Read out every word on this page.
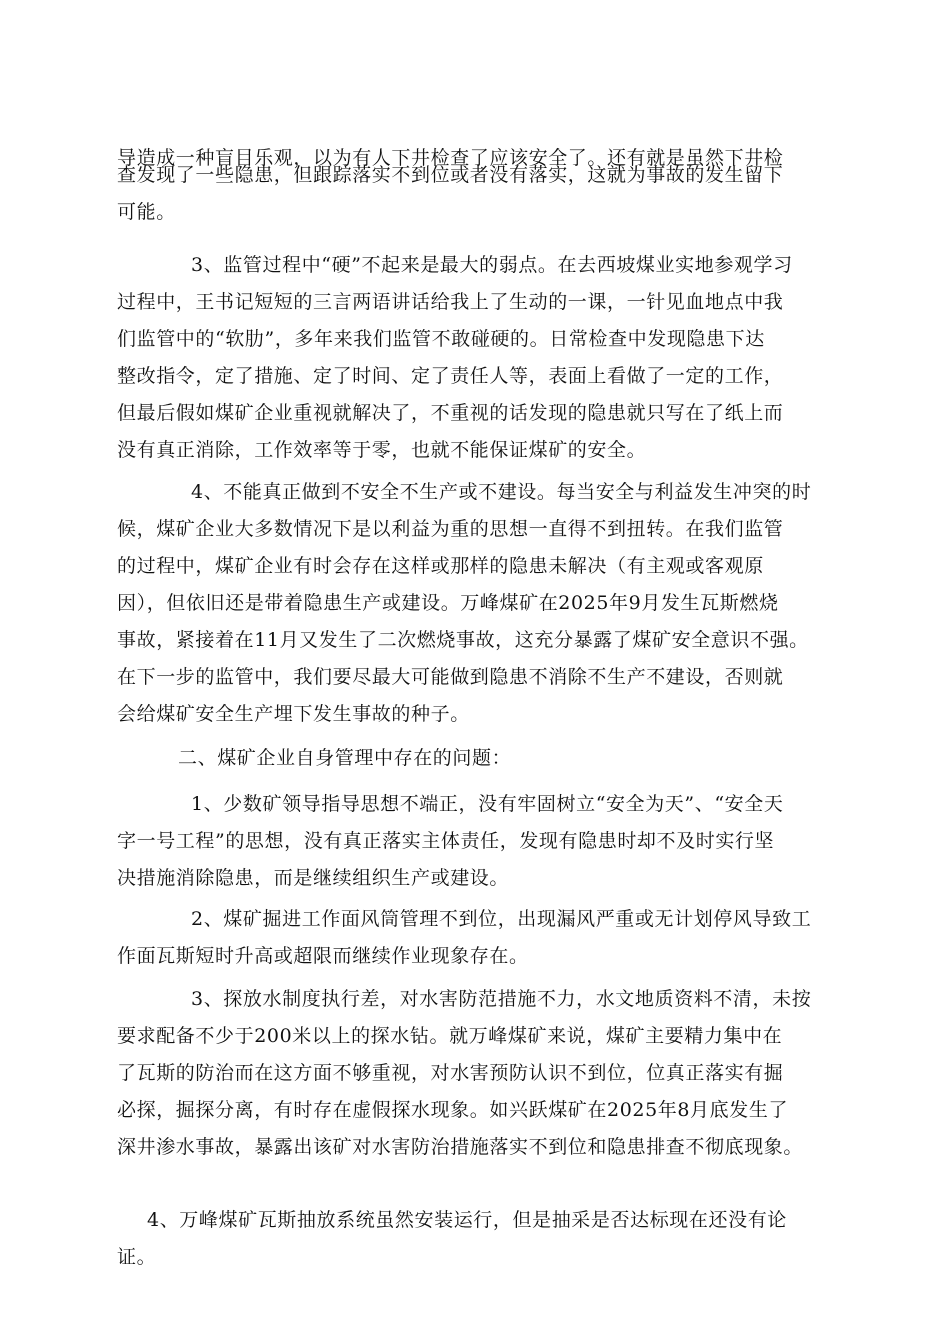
导造成一种盲目乐观，以为有人下井检查了应该安全了。还有就是虽然下井检
查发现了一些隐患，但跟踪落实不到位或者没有落实，这就为事故的发生留下
可能。
3、监管过程中“硬”不起来是最大的弱点。在去西坡煤业实地参观学习
过程中，王书记短短的三言两语讲话给我上了生动的一课，一针见血地点中我
们监管中的“软肋”，多年来我们监管不敢碰硬的。日常检查中发现隐患下达
整改指令，定了措施、定了时间、定了责任人等，表面上看做了一定的工作，
但最后假如煤矿企业重视就解决了，不重视的话发现的隐患就只写在了纸上而
没有真正消除，工作效率等于零，也就不能保证煤矿的安全。
4、不能真正做到不安全不生产或不建设。每当安全与利益发生冲突的时
候，煤矿企业大多数情况下是以利益为重的思想一直得不到扭转。在我们监管
的过程中，煤矿企业有时会存在这样或那样的隐患未解决（有主观或客观原
因），但依旧还是带着隐患生产或建设。万峰煤矿在2025年9月发生瓦斯燃烧
事故，紧接着在11月又发生了二次燃烧事故，这充分暴露了煤矿安全意识不强。
在下一步的监管中，我们要尽最大可能做到隐患不消除不生产不建设，否则就
会给煤矿安全生产埋下发生事故的种子。
二、煤矿企业自身管理中存在的问题：
1、少数矿领导指导思想不端正，没有牢固树立“安全为天”、“安全天
字一号工程”的思想，没有真正落实主体责任，发现有隐患时却不及时实行坚
决措施消除隐患，而是继续组织生产或建设。
2、煤矿掘进工作面风筒管理不到位，出现漏风严重或无计划停风导致工
作面瓦斯短时升高或超限而继续作业现象存在。
3、探放水制度执行差，对水害防范措施不力，水文地质资料不清，未按
要求配备不少于200米以上的探水钻。就万峰煤矿来说，煤矿主要精力集中在
了瓦斯的防治而在这方面不够重视，对水害预防认识不到位，位真正落实有掘
必探，掘探分离，有时存在虚假探水现象。如兴跃煤矿在2025年8月底发生了
深井渗水事故，暴露出该矿对水害防治措施落实不到位和隐患排查不彻底现象。
4、万峰煤矿瓦斯抽放系统虽然安装运行，但是抽采是否达标现在还没有论
证。
